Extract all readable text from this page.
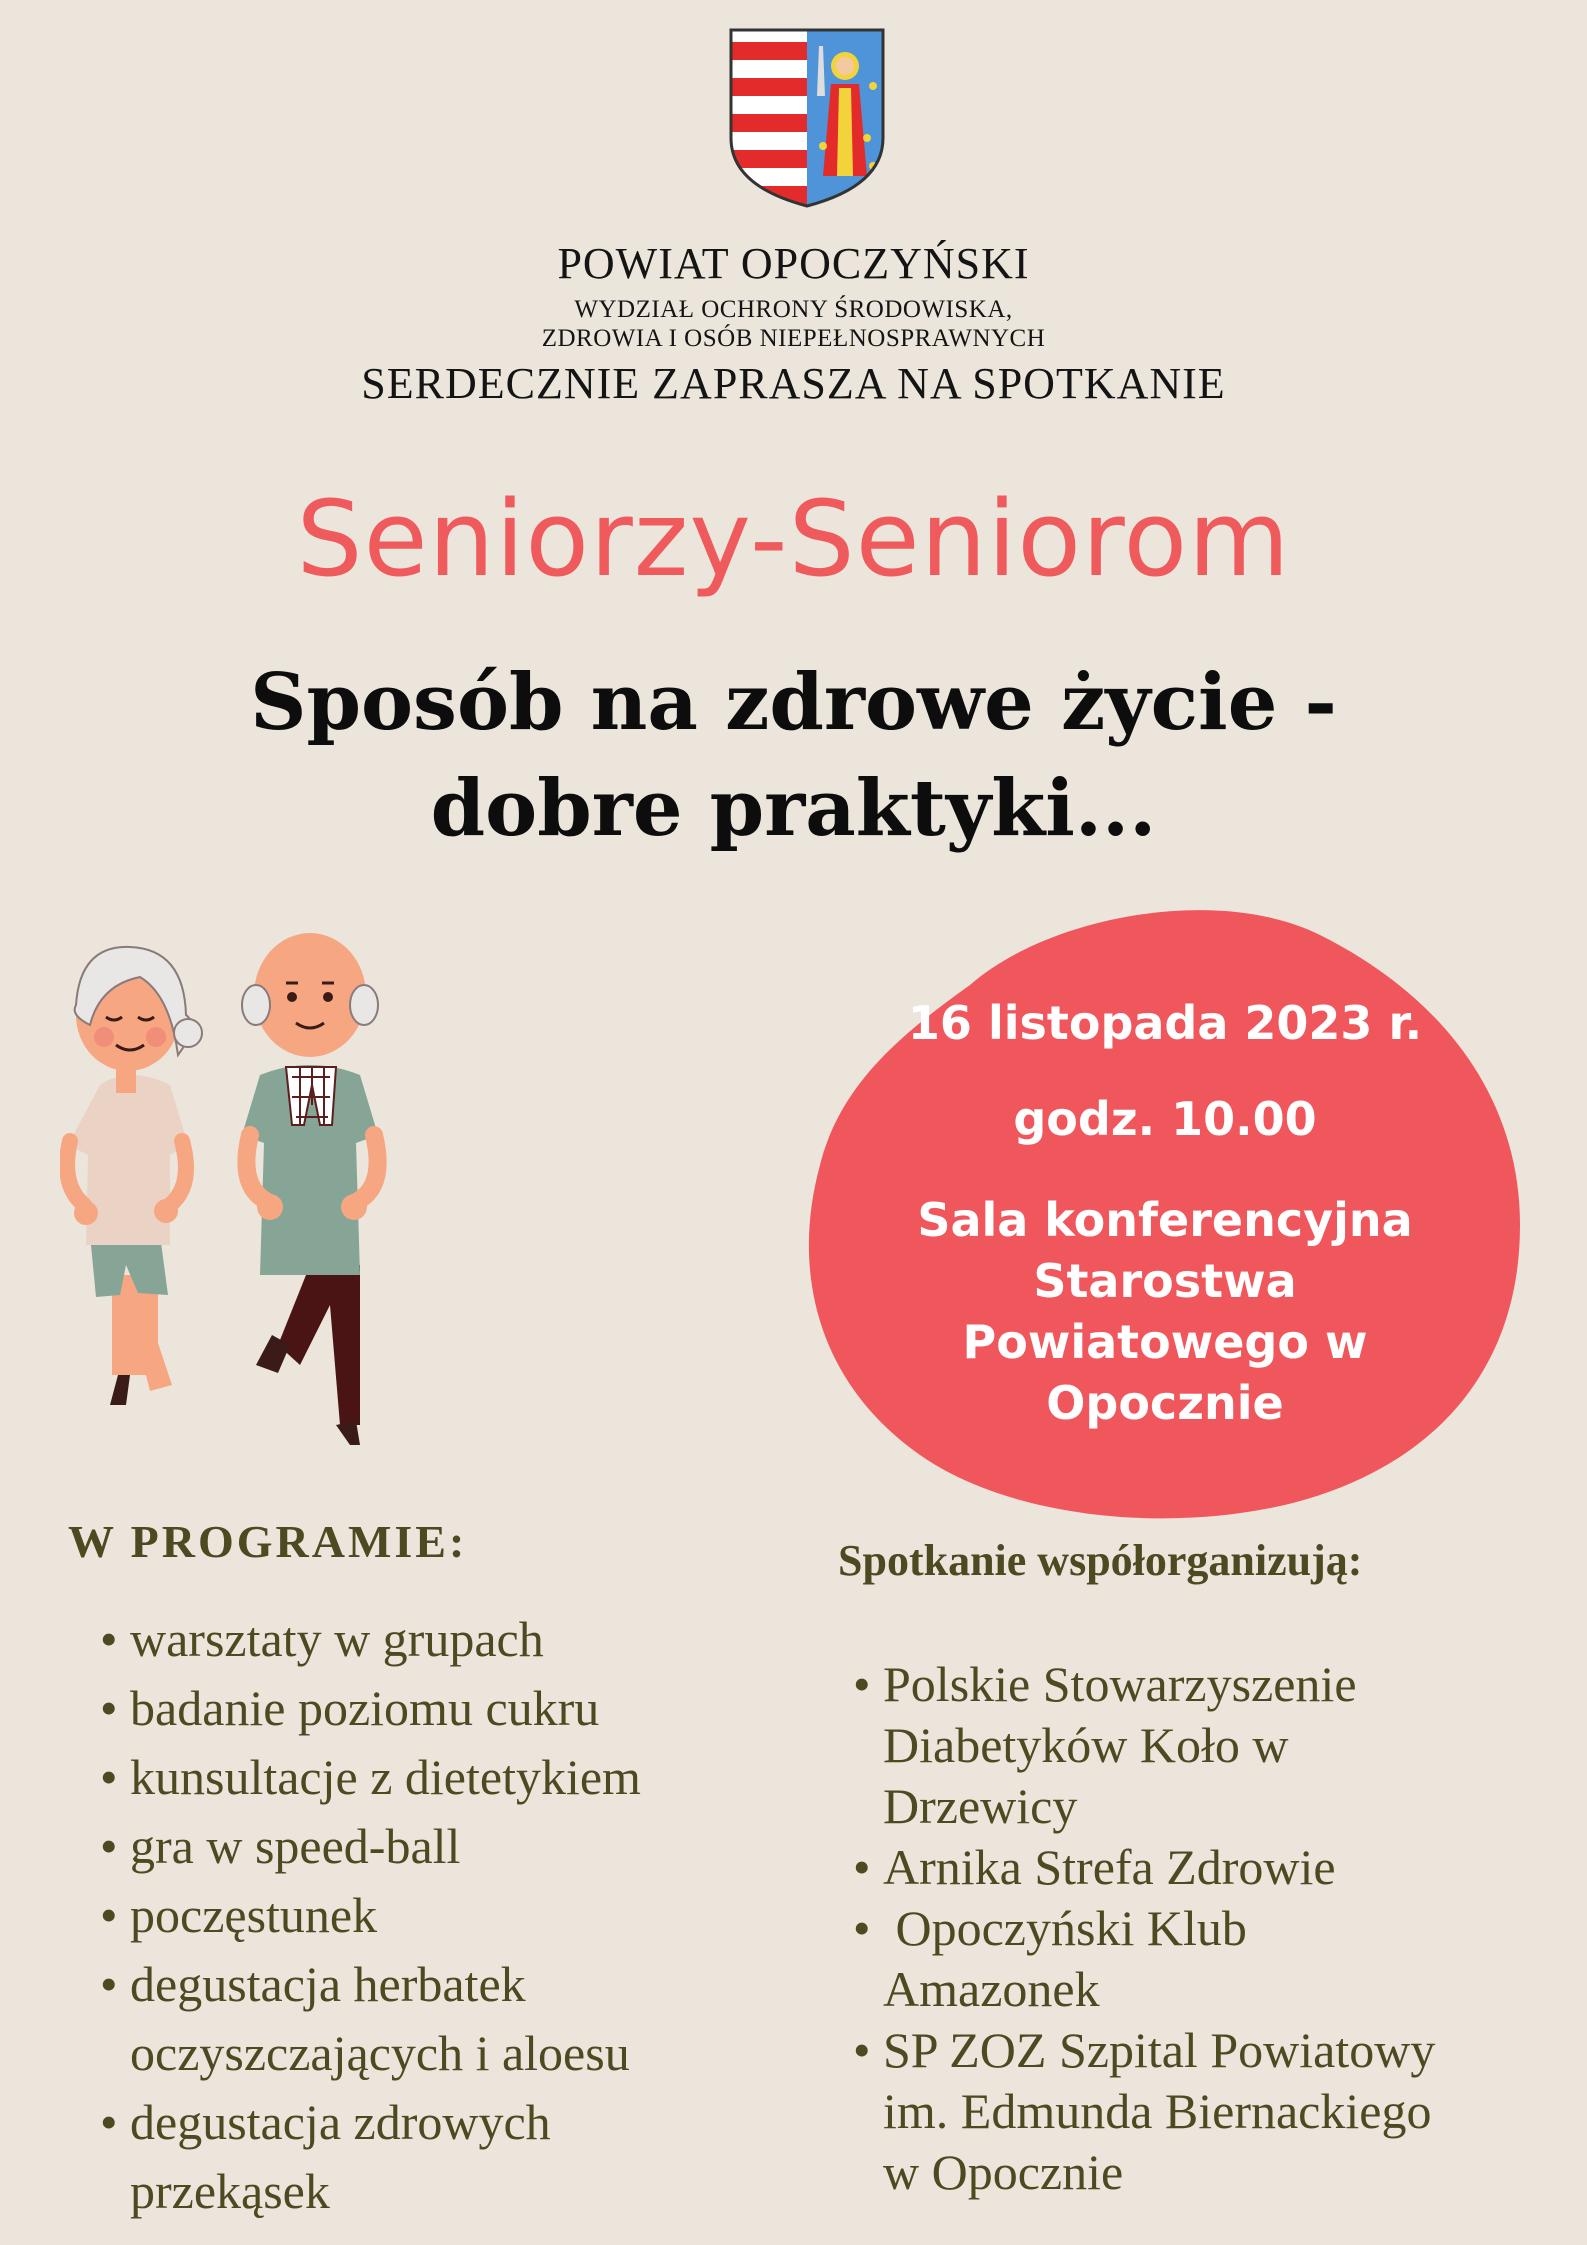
POWIAT OPOCZYŃSKI
WYDZIAŁ OCHRONY ŚRODOWISKA,
ZDROWIA I OSÓB NIEPEŁNOSPRAWNYCH
SERDECZNIE ZAPRASZA NA SPOTKANIE
Seniorzy-Seniorom
Sposób na zdrowe życie -
dobre praktyki...
16 listopada 2023 r.
godz. 10.00
Sala konferencyjna
Starostwa
Powiatowego w
Opocznie
W PROGRAMIE:
• warsztaty w grupach
• badanie poziomu cukru
• kunsultacje z dietetykiem
• gra w speed-ball
• poczęstunek
• degustacja herbatek
oczyszczających i aloesu
• degustacja zdrowych
przekąsek
Spotkanie współorganizują:
• Polskie Stowarzyszenie
Diabetyków Koło w
Drzewicy
• Arnika Strefa Zdrowie
•  Opoczyński Klub
Amazonek
• SP ZOZ Szpital Powiatowy
im. Edmunda Biernackiego
w Opocznie
